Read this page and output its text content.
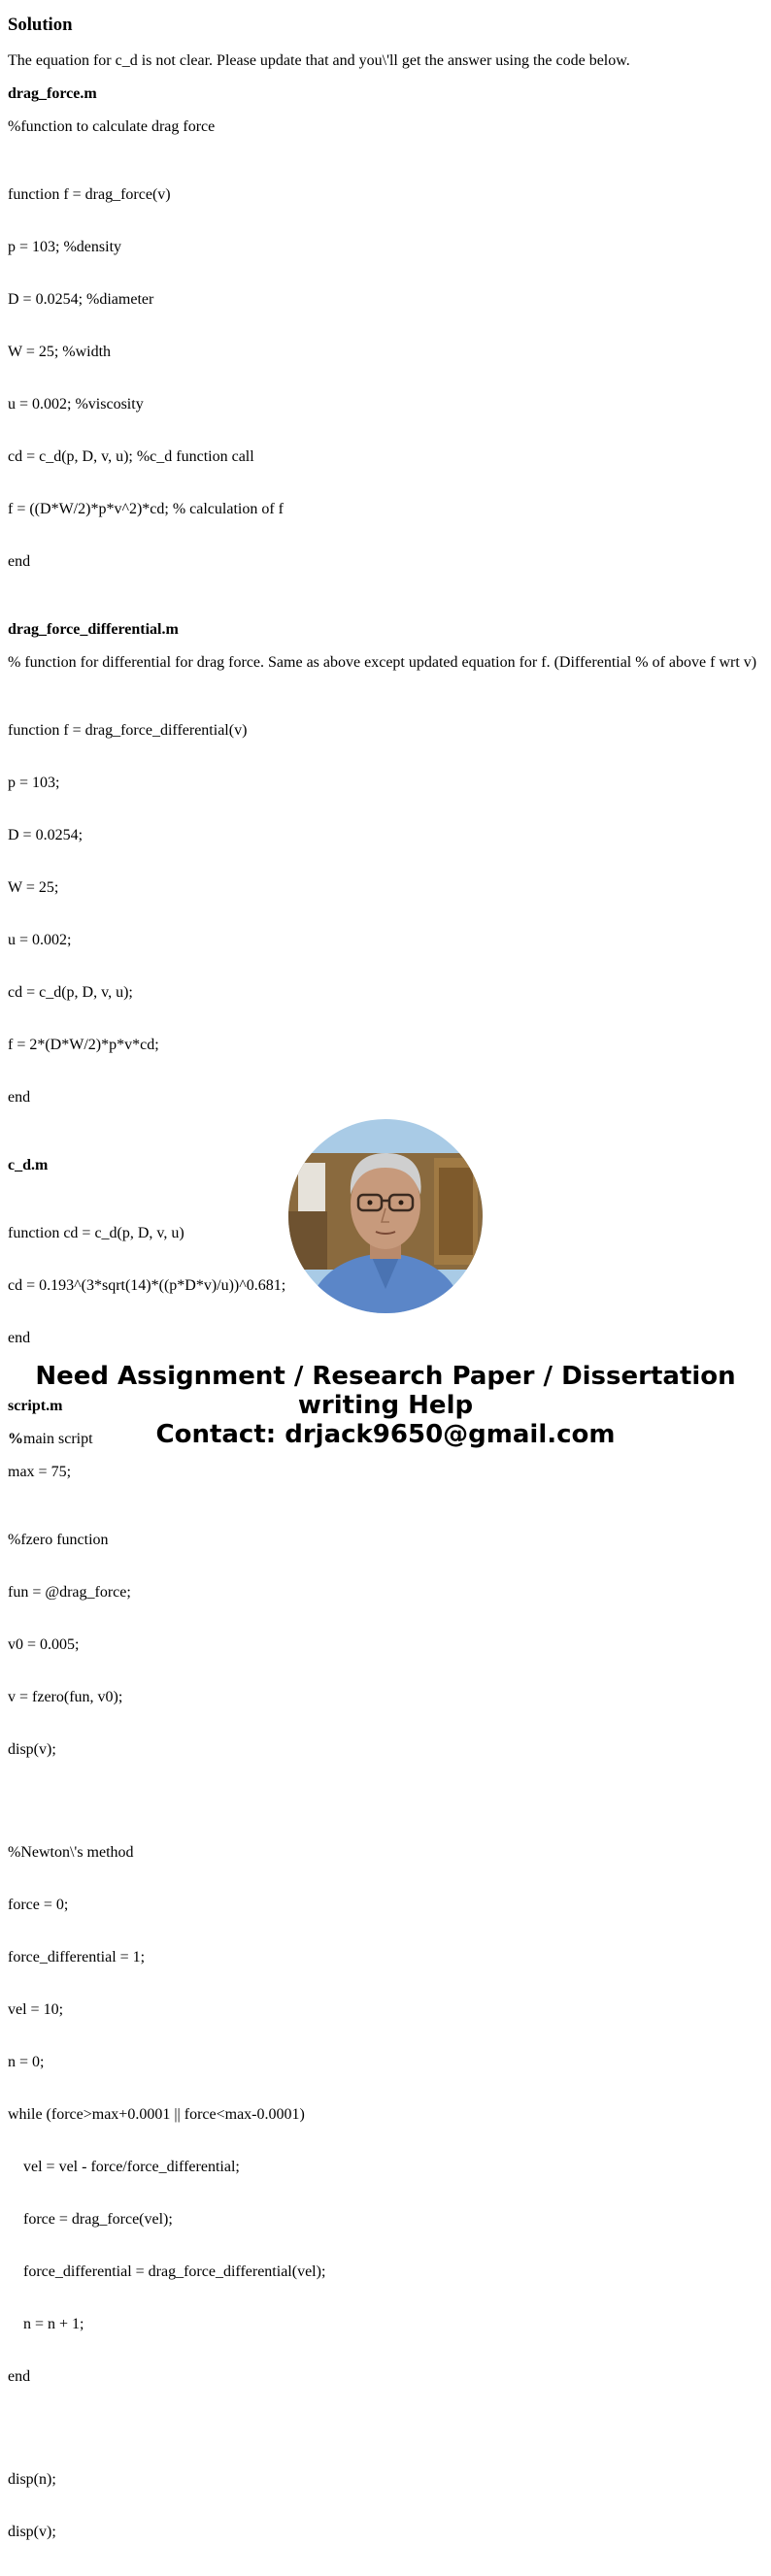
Solution

The equation for c_d is not clear. Please update that and you\'ll get the answer using the code below.

drag_force.m
%function to calculate drag force

function f = drag_force(v)

p = 103; %density

D = 0.0254; %diameter

W = 25; %width

u = 0.002; %viscosity

cd = c_d(p, D, v, u); %c_d function call

f = ((D*W/2)*p*v^2)*cd; % calculation of f

end

drag_force_differential.m
% function for differential for drag force. Same as above except updated equation for f. (Differential % of above f wrt v)

function f = drag_force_differential(v)

p = 103;

D = 0.0254;

W = 25;

u = 0.002;

cd = c_d(p, D, v, u);

f = 2*(D*W/2)*p*v*cd;

end

c_d.m

function cd = c_d(p, D, v, u)

cd = 0.193^(3*sqrt(14)*((p*D*v)/u))^0.681;

end

script.m
%main script
max = 75;

%fzero function

fun = @drag_force;

v0 = 0.005;

v = fzero(fun, v0);

disp(v);

%Newton\'s method

force = 0;

force_differential = 1;

vel = 10;

n = 0;

while (force>max+0.0001 || force<max-0.0001)

vel = vel - force/force_differential;

force = drag_force(vel);

force_differential = drag_force_differential(vel);

n = n + 1;

end

disp(n);

disp(v);

Need Assignment / Research Paper / Dissertation
writing Help
Contact: drjack9650@gmail.com
